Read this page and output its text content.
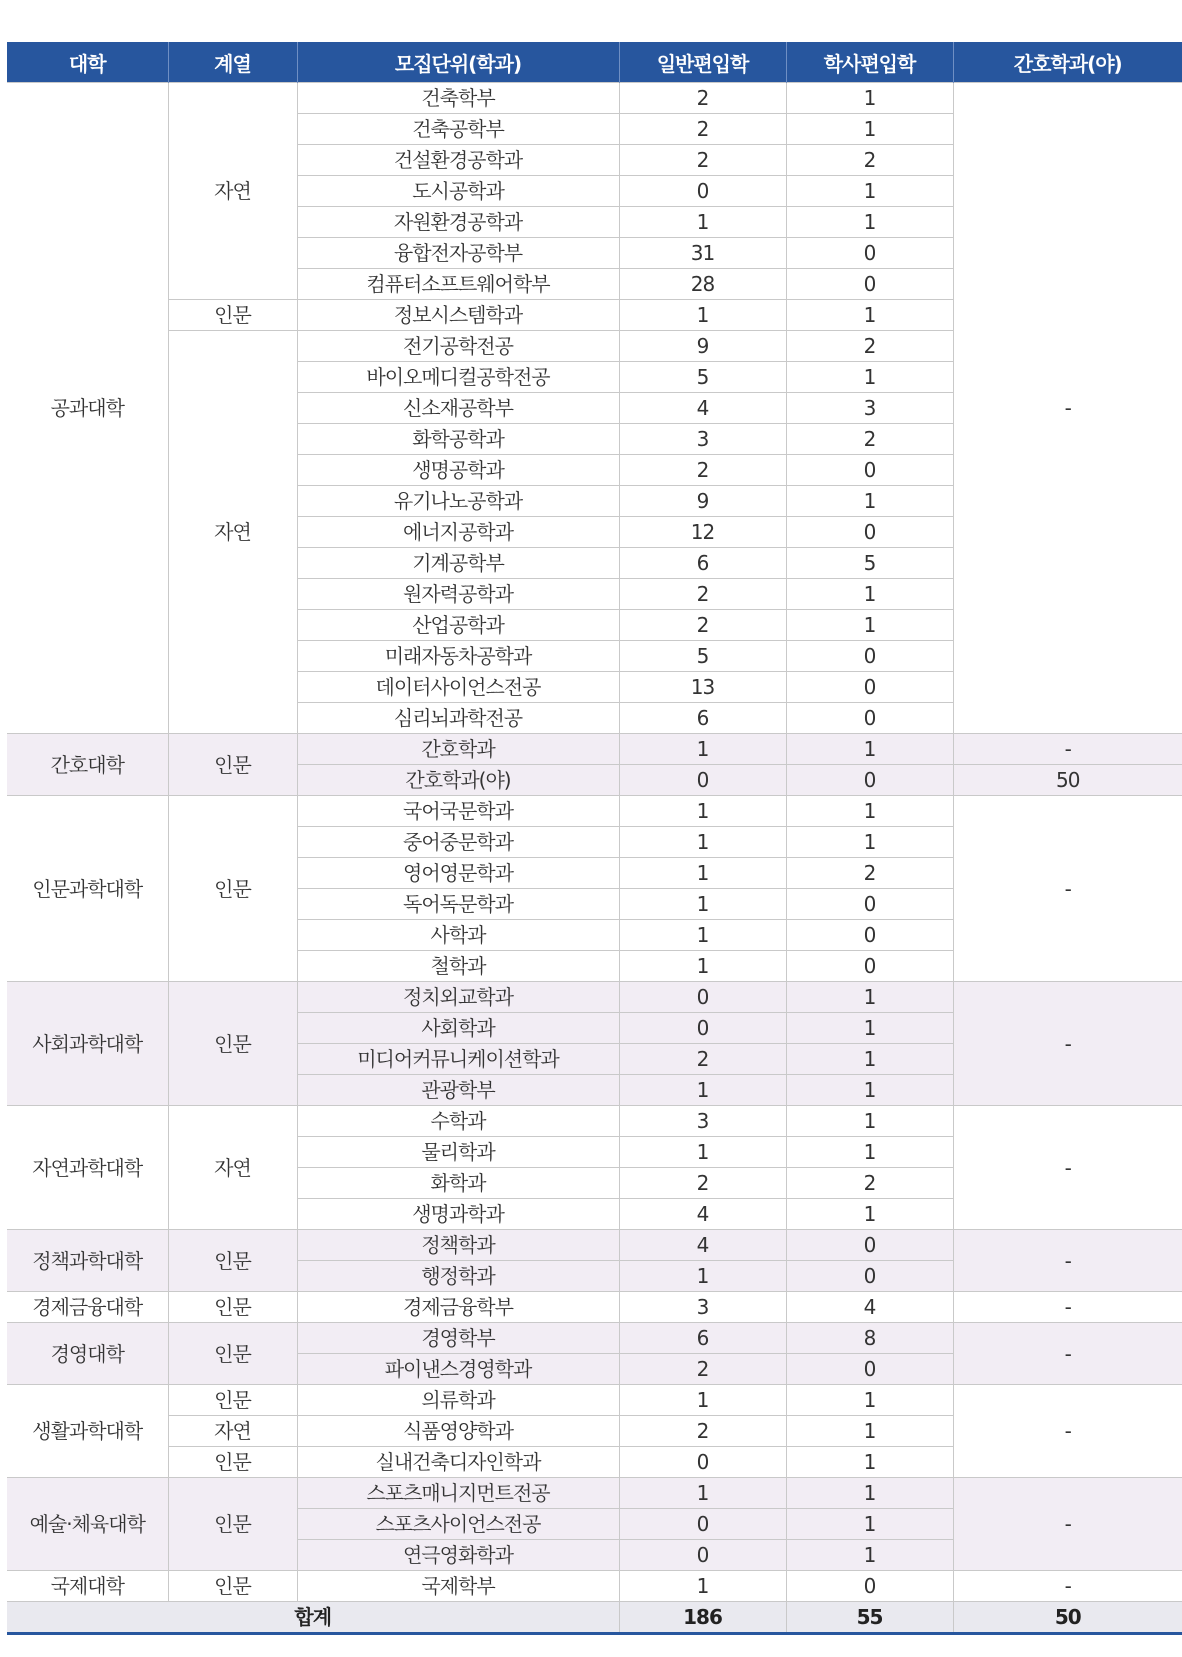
대학	계열	모집단위(학과)	일반편입학	학사편입학	간호학과(야)
공과대학	자연	건축학부	2	1	-
		건축공학부	2	1	
		건설환경공학과	2	2	
		도시공학과	0	1	
		자원환경공학과	1	1	
		융합전자공학부	31	0	
		컴퓨터소프트웨어학부	28	0	
	인문	정보시스템학과	1	1	
	자연	전기공학전공	9	2	
		바이오메디컬공학전공	5	1	
		신소재공학부	4	3	
		화학공학과	3	2	
		생명공학과	2	0	
		유기나노공학과	9	1	
		에너지공학과	12	0	
		기계공학부	6	5	
		원자력공학과	2	1	
		산업공학과	2	1	
		미래자동차공학과	5	0	
		데이터사이언스전공	13	0	
		심리뇌과학전공	6	0	
간호대학	인문	간호학과	1	1	-
		간호학과(야)	0	0	50
인문과학대학	인문	국어국문학과	1	1	-
		중어중문학과	1	1	
		영어영문학과	1	2	
		독어독문학과	1	0	
		사학과	1	0	
		철학과	1	0	
사회과학대학	인문	정치외교학과	0	1	-
		사회학과	0	1	
		미디어커뮤니케이션학과	2	1	
		관광학부	1	1	
자연과학대학	자연	수학과	3	1	-
		물리학과	1	1	
		화학과	2	2	
		생명과학과	4	1	
정책과학대학	인문	정책학과	4	0	-
		행정학과	1	0	
경제금융대학	인문	경제금융학부	3	4	-
경영대학	인문	경영학부	6	8	-
		파이낸스경영학과	2	0	
생활과학대학	인문	의류학과	1	1	-
	자연	식품영양학과	2	1	
	인문	실내건축디자인학과	0	1	
예술·체육대학	인문	스포츠매니지먼트전공	1	1	-
		스포츠사이언스전공	0	1	
		연극영화학과	0	1	
국제대학	인문	국제학부	1	0	-
합계			186	55	50
